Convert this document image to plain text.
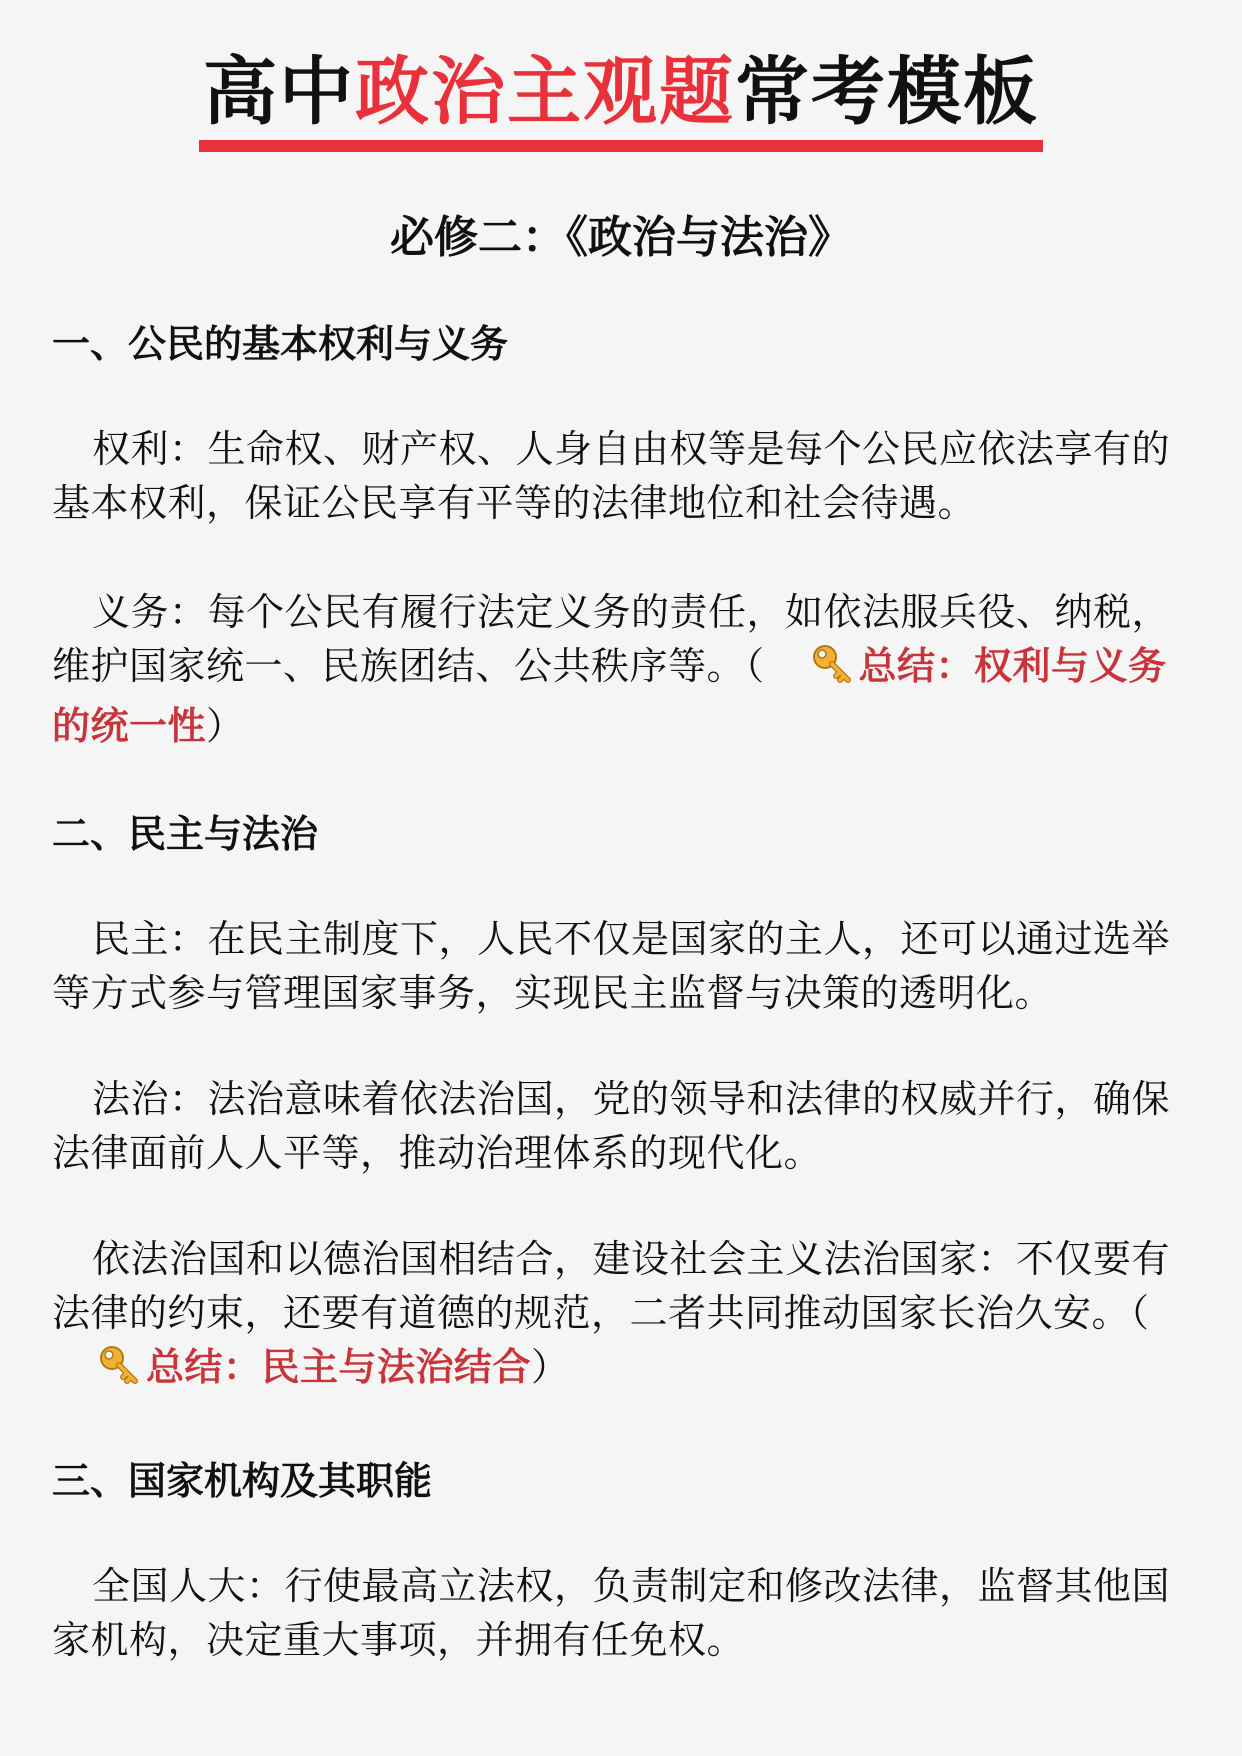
高中政治主观题常考模板
必修二：《政治与法治》

一、公民的基本权利与义务

权利：生命权、财产权、人身自由权等是每个公民应依法享有的基本权利，保证公民享有平等的法律地位和社会待遇。

义务：每个公民有履行法定义务的责任，如依法服兵役、纳税，维护国家统一、民族团结、公共秩序等。（ 总结：权利与义务的统一性）

二、民主与法治

民主：在民主制度下，人民不仅是国家的主人，还可以通过选举等方式参与管理国家事务，实现民主监督与决策的透明化。

法治：法治意味着依法治国，党的领导和法律的权威并行，确保法律面前人人平等，推动治理体系的现代化。

依法治国和以德治国相结合，建设社会主义法治国家：不仅要有法律的约束，还要有道德的规范，二者共同推动国家长治久安。（总结：民主与法治结合）

三、国家机构及其职能

全国人大：行使最高立法权，负责制定和修改法律，监督其他国家机构，决定重大事项，并拥有任免权。
